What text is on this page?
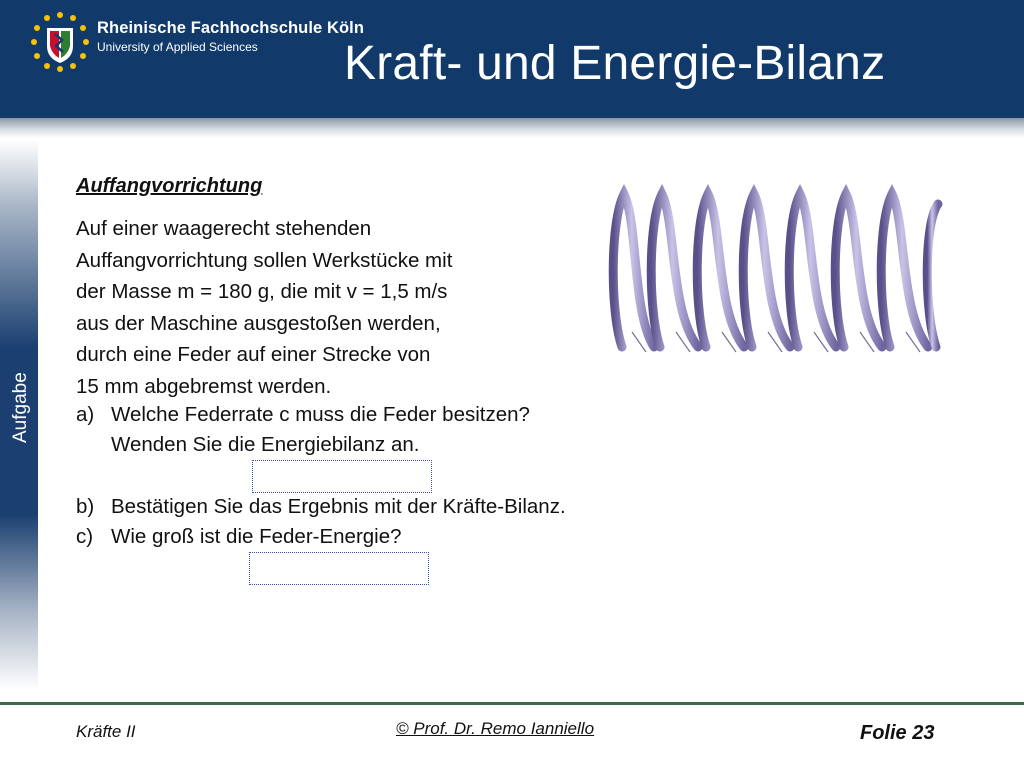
Rheinische Fachhochschule Köln
University of Applied Sciences Kraft- und Energie-Bilanz
Aufgabe
Auffangvorrichtung
Auf einer waagerecht stehenden
Auffangvorrichtung sollen Werkstücke mit
der Masse m = 180 g, die mit v = 1,5 m/s
aus der Maschine ausgestoßen werden,
durch eine Feder auf einer Strecke von
15 mm abgebremst werden.
a) Welche Federrate c muss die Feder besitzen?
Wenden Sie die Energiebilanz an.
b) Bestätigen Sie das Ergebnis mit der Kräfte-Bilanz.
c) Wie groß ist die Feder-Energie?
Kräfte II	© Prof. Dr. Remo Ianniello	Folie 23
